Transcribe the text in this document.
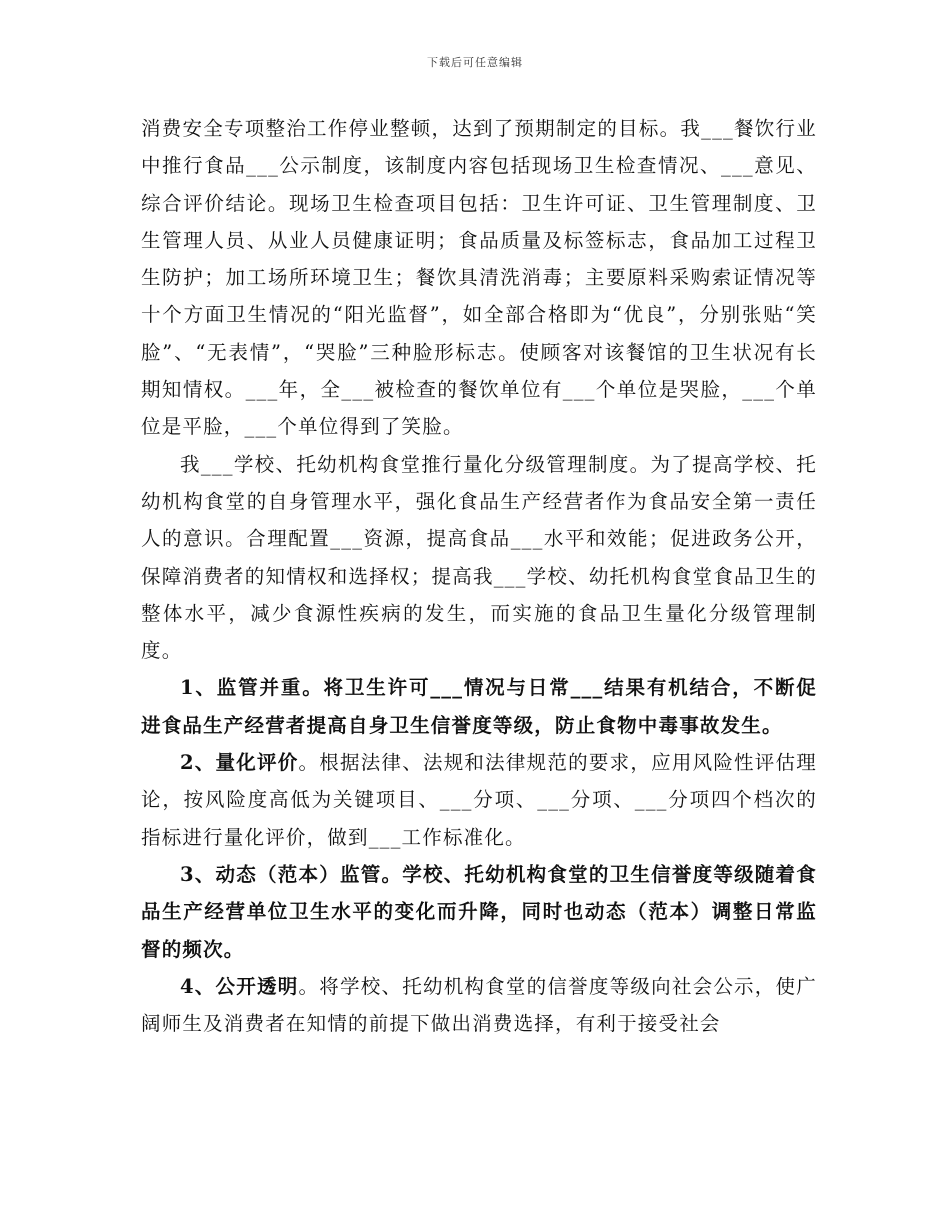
下载后可任意编辑

消费安全专项整治工作停业整顿，达到了预期制定的目标。我___餐饮行业中推行食品___公示制度，该制度内容包括现场卫生检查情况、___意见、综合评价结论。现场卫生检查项目包括：卫生许可证、卫生管理制度、卫生管理人员、从业人员健康证明；食品质量及标签标志，食品加工过程卫生防护；加工场所环境卫生；餐饮具清洗消毒；主要原料采购索证情况等十个方面卫生情况的“阳光监督”，如全部合格即为“优良”，分别张贴“笑脸”、“无表情”，“哭脸”三种脸形标志。使顾客对该餐馆的卫生状况有长期知情权。___年，全___被检查的餐饮单位有___个单位是哭脸，___个单位是平脸，___个单位得到了笑脸。

我___学校、托幼机构食堂推行量化分级管理制度。为了提高学校、托幼机构食堂的自身管理水平，强化食品生产经营者作为食品安全第一责任人的意识。合理配置___资源，提高食品___水平和效能；促进政务公开，保障消费者的知情权和选择权；提高我___学校、幼托机构食堂食品卫生的整体水平，减少食源性疾病的发生，而实施的食品卫生量化分级管理制度。

1、监管并重。将卫生许可___情况与日常___结果有机结合，不断促进食品生产经营者提高自身卫生信誉度等级，防止食物中毒事故发生。

2、量化评价。根据法律、法规和法律规范的要求，应用风险性评估理论，按风险度高低为关键项目、___分项、___分项、___分项四个档次的指标进行量化评价，做到___工作标准化。

3、动态（范本）监管。学校、托幼机构食堂的卫生信誉度等级随着食品生产经营单位卫生水平的变化而升降，同时也动态（范本）调整日常监督的频次。

4、公开透明。将学校、托幼机构食堂的信誉度等级向社会公示，使广阔师生及消费者在知情的前提下做出消费选择，有利于接受社会
